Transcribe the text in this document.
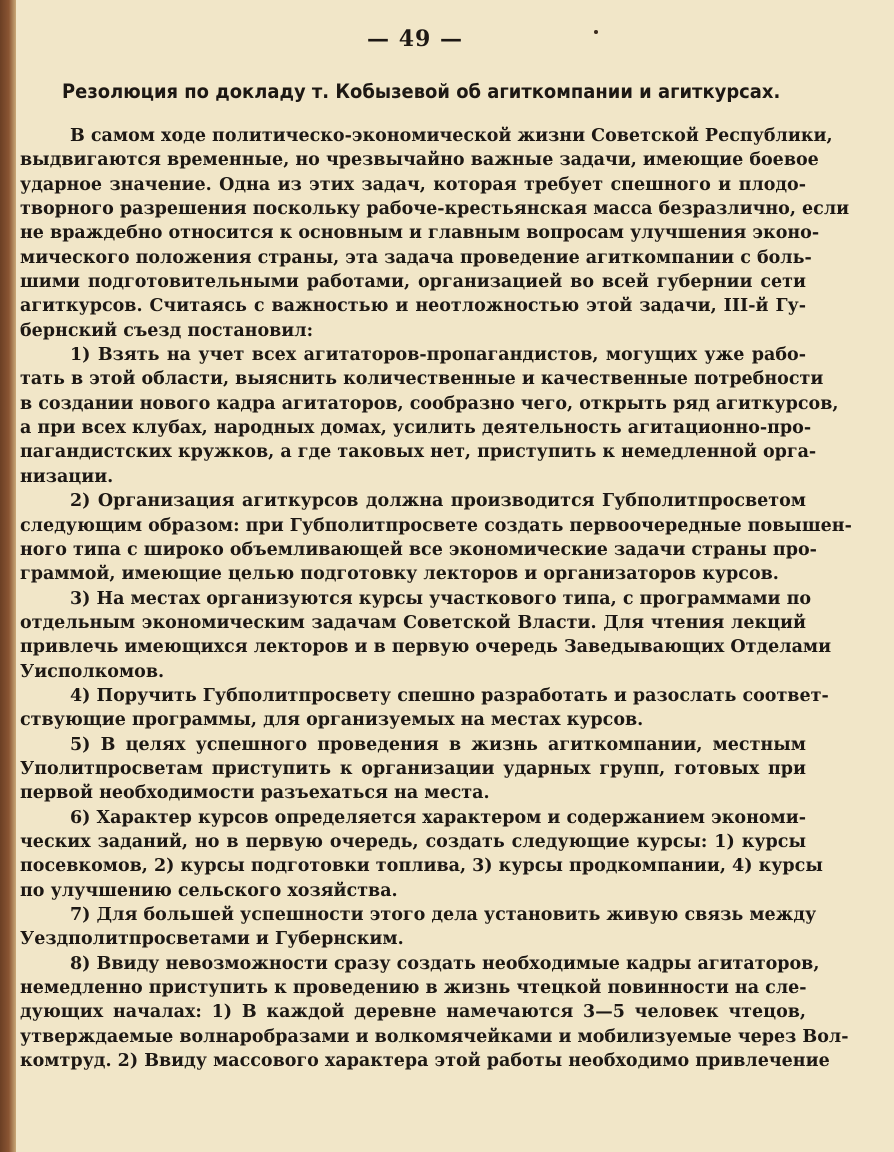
— 49 —
Резолюция по докладу т. Кобызевой об агиткомпании и агиткурсах.
В самом ходе политическо-экономической жизни Советской Республики,
выдвигаются временные, но чрезвычайно важные задачи, имеющие боевое
ударное значение. Одна из этих задач, которая требует спешного и плодо-
творного разрешения поскольку рабоче-крестьянская масса безразлично, если
не враждебно относится к основным и главным вопросам улучшения эконо-
мического положения страны, эта задача проведение агиткомпании с боль-
шими подготовительными работами, организацией во всей губернии сети
агиткурсов. Считаясь с важностью и неотложностью этой задачи, III-й Гу-
бернский съезд постановил:
1) Взять на учет всех агитаторов-пропагандистов, могущих уже рабо-
тать в этой области, выяснить количественные и качественные потребности
в создании нового кадра агитаторов, сообразно чего, открыть ряд агиткурсов,
а при всех клубах, народных домах, усилить деятельность агитационно-про-
пагандистских кружков, а где таковых нет, приступить к немедленной орга-
низации.
2) Организация агиткурсов должна производится Губполитпросветом
следующим образом: при Губполитпросвете создать первоочередные повышен-
ного типа с широко объемливающей все экономические задачи страны про-
граммой, имеющие целью подготовку лекторов и организаторов курсов.
3) На местах организуются курсы участкового типа, с программами по
отдельным экономическим задачам Советской Власти. Для чтения лекций
привлечь имеющихся лекторов и в первую очередь Заведывающих Отделами
Уисполкомов.
4) Поручить Губполитпросвету спешно разработать и разослать соответ-
ствующие программы, для организуемых на местах курсов.
5) В целях успешного проведения в жизнь агиткомпании, местным
Уполитпросветам приступить к организации ударных групп, готовых при
первой необходимости разъехаться на места.
6) Характер курсов определяется характером и содержанием экономи-
ческих заданий, но в первую очередь, создать следующие курсы: 1) курсы
посевкомов, 2) курсы подготовки топлива, 3) курсы продкомпании, 4) курсы
по улучшению сельского хозяйства.
7) Для большей успешности этого дела установить живую связь между
Уездполитпросветами и Губернским.
8) Ввиду невозможности сразу создать необходимые кадры агитаторов,
немедленно приступить к проведению в жизнь чтецкой повинности на сле-
дующих началах: 1) В каждой деревне намечаются 3—5 человек чтецов,
утверждаемые волнаробразами и волкомячейками и мобилизуемые через Вол-
комтруд. 2) Ввиду массового характера этой работы необходимо привлечение
